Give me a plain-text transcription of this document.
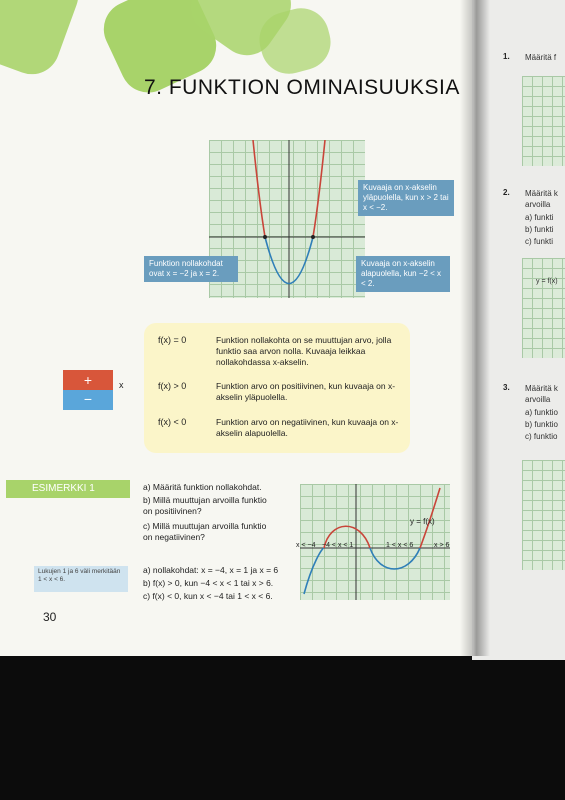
7. FUNKTION OMINAISUUKSIA
Kuvaaja on x-akselin yläpuolella, kun x > 2 tai x < −2.
Funktion nollakohdat ovat x = −2 ja x = 2.
Kuvaaja on x-akselin alapuolella, kun −2 < x < 2.
+
−
x
f(x) = 0	Funktion nollakohta on se muuttujan arvo, jolla funktio saa arvon nolla. Kuvaaja leikkaa nollakohdassa x-akselin.
f(x) > 0	Funktion arvo on positiivinen, kun kuvaaja on x-akselin yläpuolella.
f(x) < 0	Funktion arvo on negatiivinen, kun kuvaaja on x-akselin alapuolella.
ESIMERKKI 1	a) Määritä funktion nollakohdat.
b) Millä muuttujan arvoilla funktio
on positiivinen?
c) Millä muuttujan arvoilla funktio
on negatiivinen?
a) nollakohdat: x = −4, x = 1 ja x = 6
b) f(x) > 0, kun −4 < x < 1 tai x > 6.
c) f(x) < 0, kun x < −4 tai 1 < x < 6.
Lukujen 1 ja 6 väli merkitään 1 < x < 6.
y = f(x)
x < −4 −4 < x < 1	1 < x < 6	x > 6
30
1. Määritä f
2. Määritä k
arvoilla
a) funkti
b) funkti
c) funkti
y = f(x)
3. Määritä k
arvoilla
a) funktio
b) funktio
c) funktio
